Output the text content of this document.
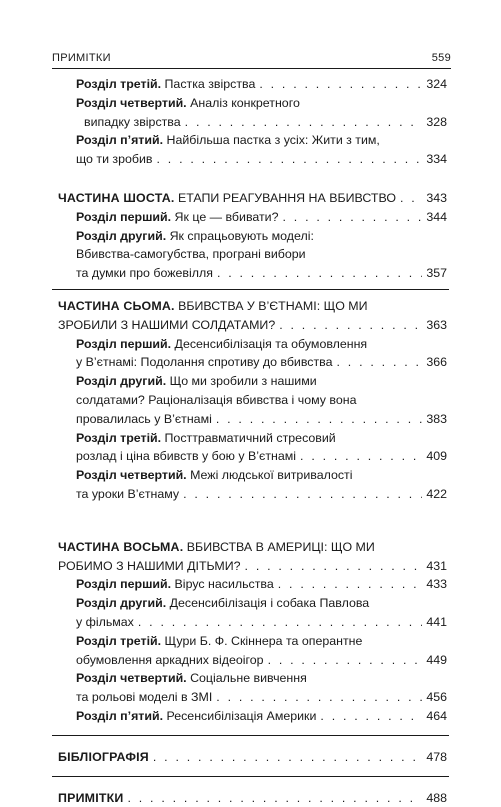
ПРИМІТКИ	559
Розділ третій. Пастка звірства . . .	324
Розділ четвертий. Аналіз конкретного
випадку звірства . . .	328
Розділ п’ятий. Найбільша пастка з усіх: Жити з тим,
що ти зробив . . .	334
ЧАСТИНА ШОСТА. ЕТАПИ РЕАГУВАННЯ НА ВБИВСТВО . . . 343
Розділ перший. Як це — вбивати? . . .	344
Розділ другий. Як спрацьовують моделі:
Вбивства-самогубства, програні вибори
та думки про божевілля . . .	357
ЧАСТИНА СЬОМА. ВБИВСТВА У В’ЄТНАМІ: ЩО МИ
ЗРОБИЛИ З НАШИМИ СОЛДАТАМИ? . . .	363
Розділ перший. Десенсибілізація та обумовлення
у В’єтнамі: Подолання спротиву до вбивства . . .	366
Розділ другий. Що ми зробили з нашими
солдатами? Раціоналізація вбивства і чому вона
провалилась у В’єтнамі . . .	383
Розділ третій. Посттравматичний стресовий
розлад і ціна вбивств у бою у В’єтнамі . . .	409
Розділ четвертий. Межі людської витривалості
та уроки В’єтнаму . . .	422
ЧАСТИНА ВОСЬМА. ВБИВСТВА В АМЕРИЦІ: ЩО МИ
РОБИМО З НАШИМИ ДІТЬМИ? . . .	431
Розділ перший. Вірус насильства . . .	433
Розділ другий. Десенсибілізація і собака Павлова
у фільмах . . .	441
Розділ третій. Щури Б. Ф. Скіннера та оперантне
обумовлення аркадних відеоігор . . .	449
Розділ четвертий. Соціальне вивчення
та рольові моделі в ЗМІ . . .	456
Розділ п’ятий. Ресенсибілізація Америки . . .	464
БІБЛІОГРАФІЯ . . .	478
ПРИМІТКИ . . .	488
